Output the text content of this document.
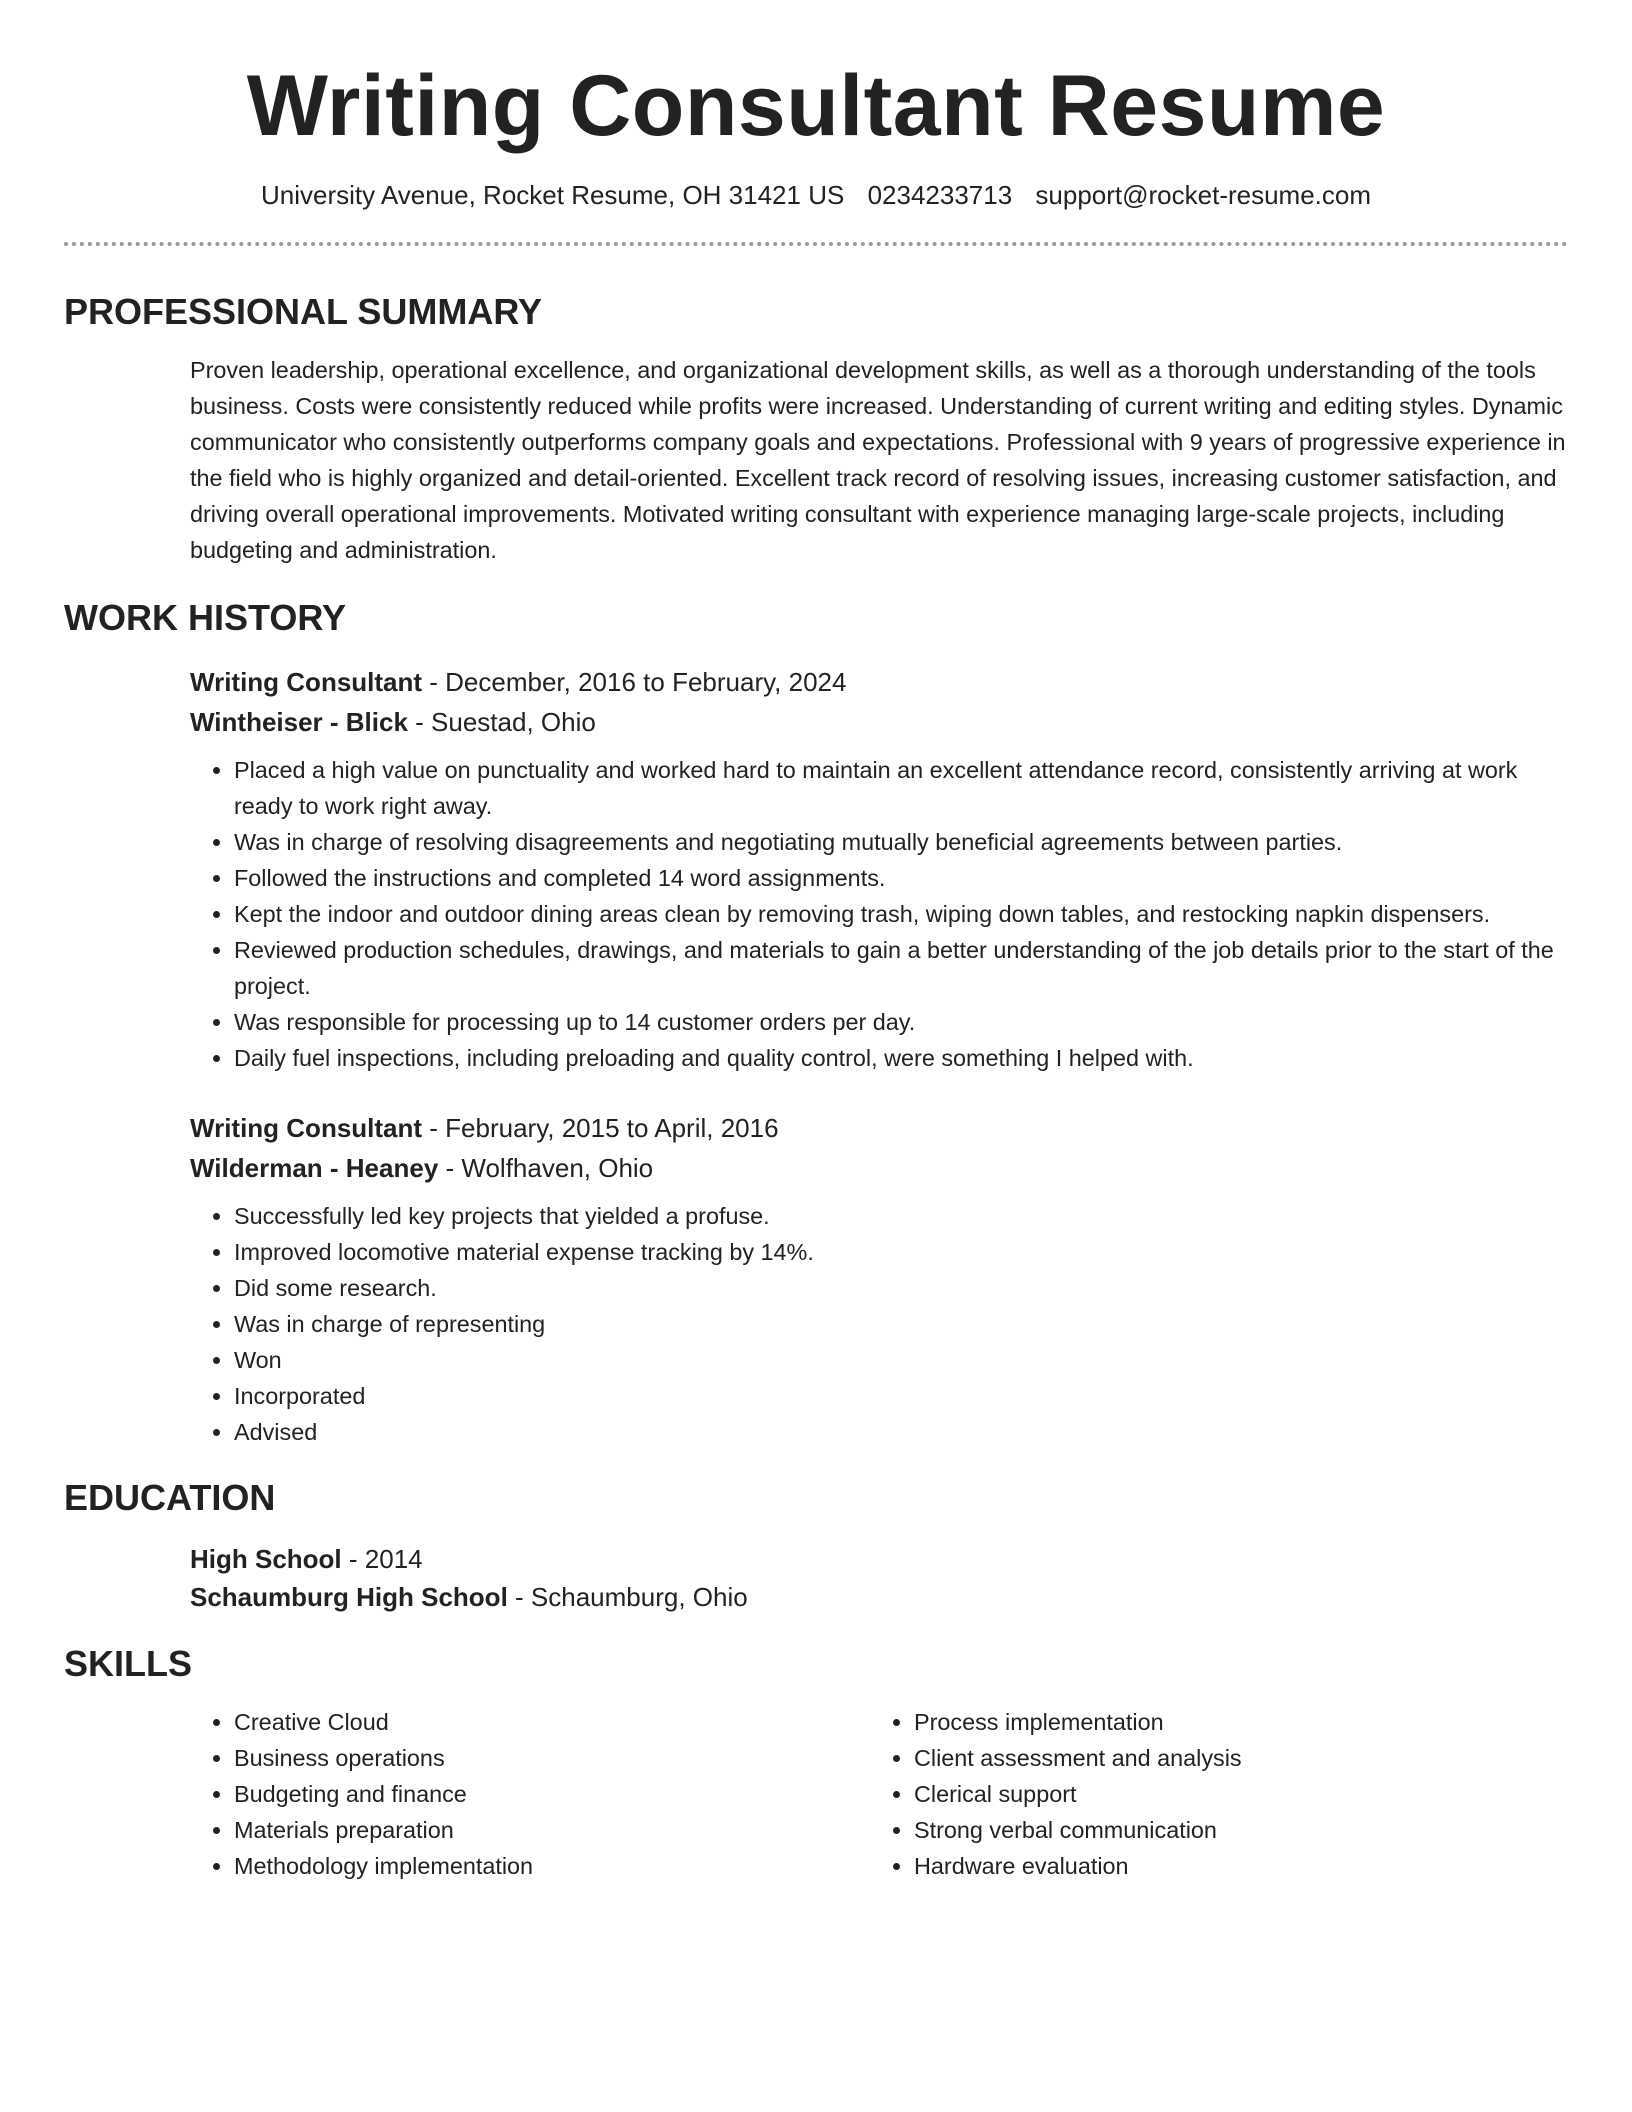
Writing Consultant Resume
University Avenue, Rocket Resume, OH 31421 US 0234233713 support@rocket-resume.com
PROFESSIONAL SUMMARY
Proven leadership, operational excellence, and organizational development skills, as well as a thorough understanding of the tools business. Costs were consistently reduced while profits were increased. Understanding of current writing and editing styles. Dynamic communicator who consistently outperforms company goals and expectations. Professional with 9 years of progressive experience in the field who is highly organized and detail-oriented. Excellent track record of resolving issues, increasing customer satisfaction, and driving overall operational improvements. Motivated writing consultant with experience managing large-scale projects, including budgeting and administration.
WORK HISTORY
Writing Consultant - December, 2016 to February, 2024
Wintheiser - Blick - Suestad, Ohio
• Placed a high value on punctuality and worked hard to maintain an excellent attendance record, consistently arriving at work ready to work right away.
• Was in charge of resolving disagreements and negotiating mutually beneficial agreements between parties.
• Followed the instructions and completed 14 word assignments.
• Kept the indoor and outdoor dining areas clean by removing trash, wiping down tables, and restocking napkin dispensers.
• Reviewed production schedules, drawings, and materials to gain a better understanding of the job details prior to the start of the project.
• Was responsible for processing up to 14 customer orders per day.
• Daily fuel inspections, including preloading and quality control, were something I helped with.
Writing Consultant - February, 2015 to April, 2016
Wilderman - Heaney - Wolfhaven, Ohio
• Successfully led key projects that yielded a profuse.
• Improved locomotive material expense tracking by 14%.
• Did some research.
• Was in charge of representing
• Won
• Incorporated
• Advised
EDUCATION
High School - 2014
Schaumburg High School - Schaumburg, Ohio
SKILLS
• Creative Cloud
• Business operations
• Budgeting and finance
• Materials preparation
• Methodology implementation
• Process implementation
• Client assessment and analysis
• Clerical support
• Strong verbal communication
• Hardware evaluation
